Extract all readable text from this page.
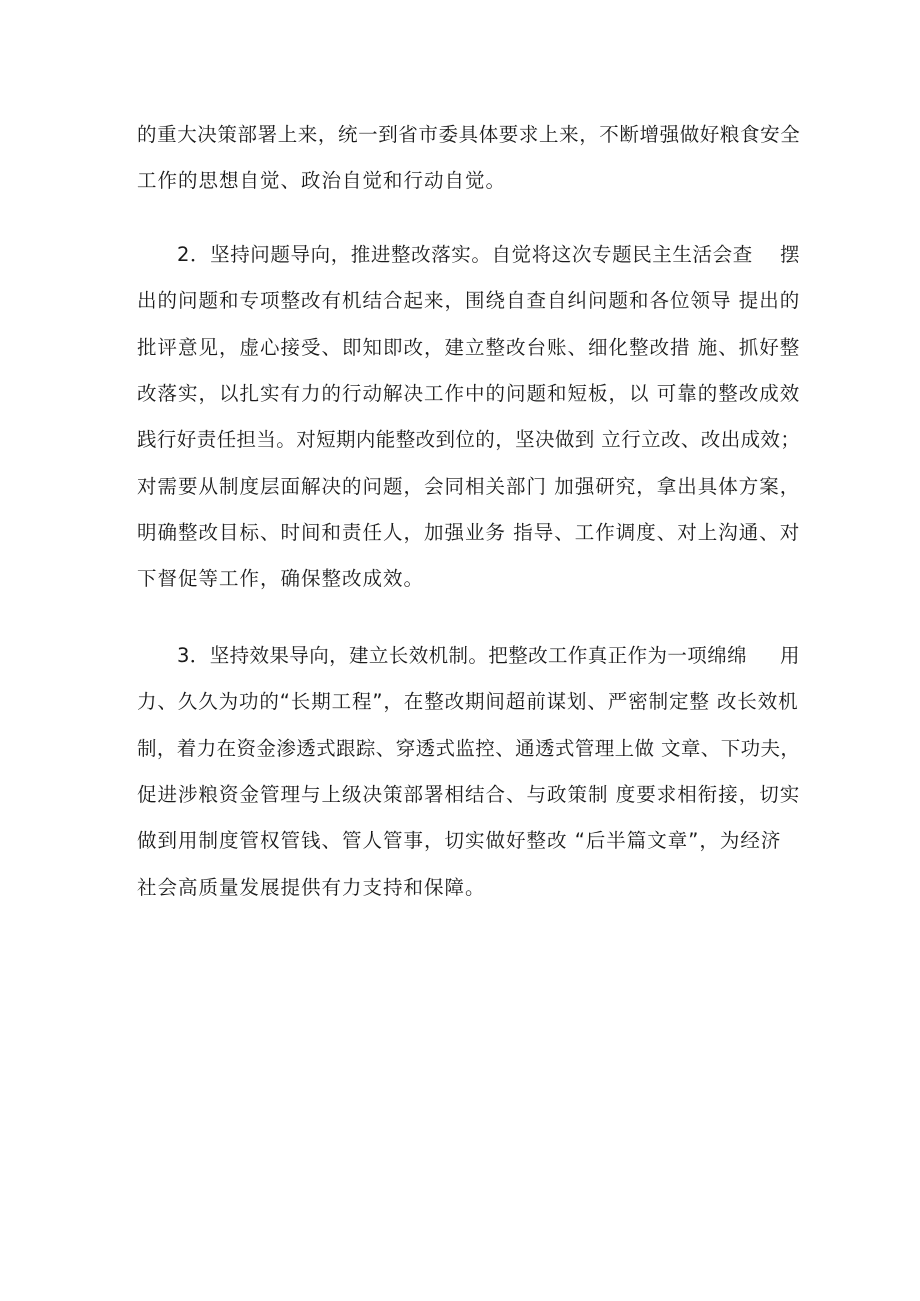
的重大决策部署上来，统一到省市委具体要求上来，不断增强做好粮食安全
工作的思想自觉、政治自觉和行动自觉。
2．坚持问题导向，推进整改落实。自觉将这次专题民主生活会查    摆
出的问题和专项整改有机结合起来，围绕自查自纠问题和各位领导 提出的
批评意见，虚心接受、即知即改，建立整改台账、细化整改措 施、抓好整
改落实，以扎实有力的行动解决工作中的问题和短板，以 可靠的整改成效
践行好责任担当。对短期内能整改到位的，坚决做到 立行立改、改出成效；
对需要从制度层面解决的问题，会同相关部门 加强研究，拿出具体方案，
明确整改目标、时间和责任人，加强业务 指导、工作调度、对上沟通、对
下督促等工作，确保整改成效。
3．坚持效果导向，建立长效机制。把整改工作真正作为一项绵绵     用
力、久久为功的“长期工程”，在整改期间超前谋划、严密制定整 改长效机
制，着力在资金渗透式跟踪、穿透式监控、通透式管理上做 文章、下功夫，
促进涉粮资金管理与上级决策部署相结合、与政策制 度要求相衔接，切实
做到用制度管权管钱、管人管事，切实做好整改 “后半篇文章”，为经济
社会高质量发展提供有力支持和保障。
